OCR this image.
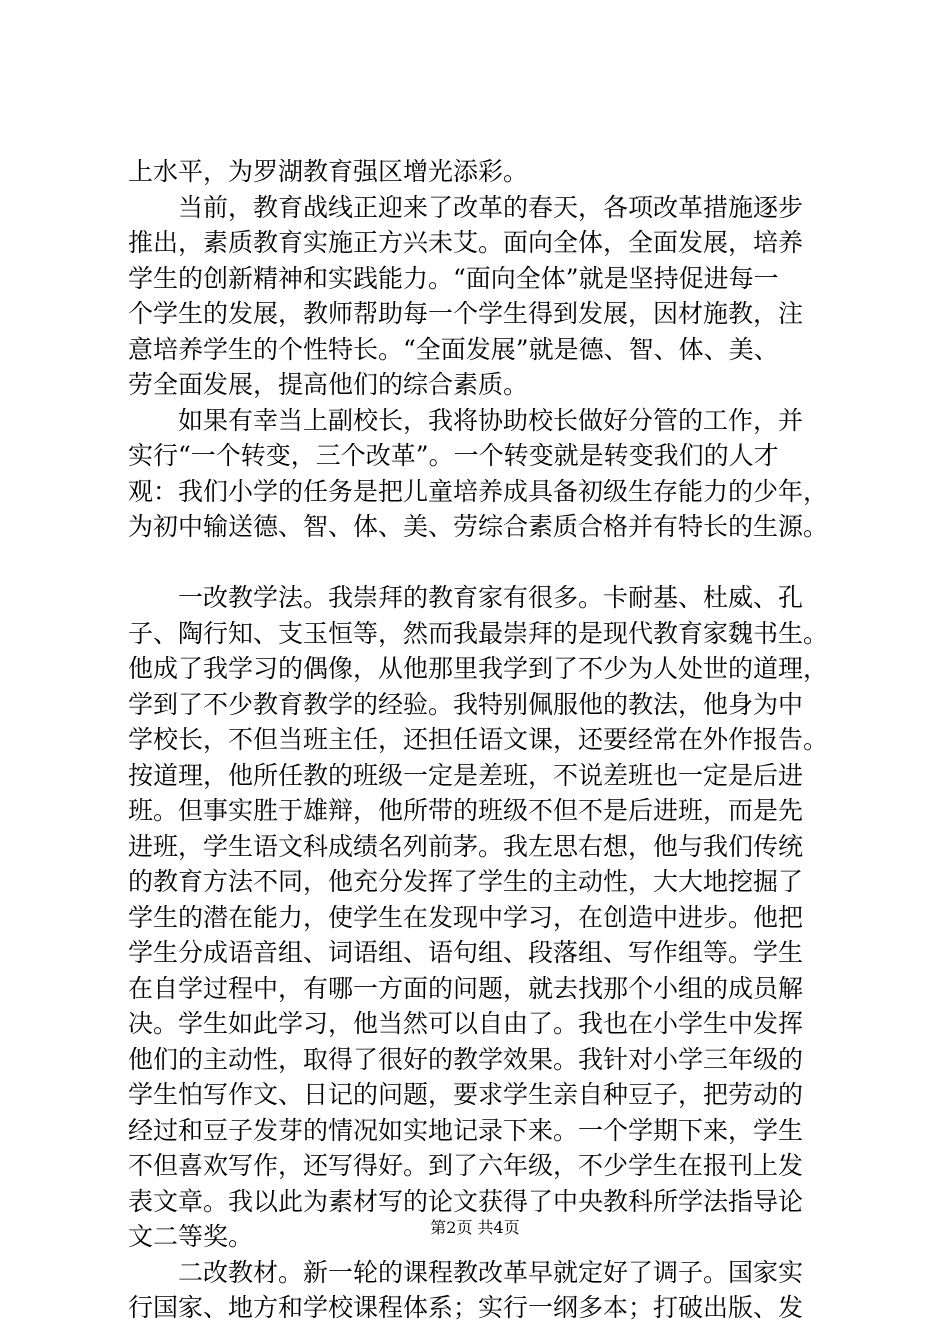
上水平，为罗湖教育强区增光添彩。
　　当前，教育战线正迎来了改革的春天，各项改革措施逐步
推出，素质教育实施正方兴未艾。面向全体，全面发展，培养
学生的创新精神和实践能力。“面向全体”就是坚持促进每一
个学生的发展，教师帮助每一个学生得到发展，因材施教，注
意培养学生的个性特长。“全面发展”就是德、智、体、美、
劳全面发展，提高他们的综合素质。
　　如果有幸当上副校长，我将协助校长做好分管的工作，并
实行“一个转变，三个改革”。一个转变就是转变我们的人才
观：我们小学的任务是把儿童培养成具备初级生存能力的少年，
为初中输送德、智、体、美、劳综合素质合格并有特长的生源。
　　一改教学法。我崇拜的教育家有很多。卡耐基、杜威、孔
子、陶行知、支玉恒等，然而我最崇拜的是现代教育家魏书生。
他成了我学习的偶像，从他那里我学到了不少为人处世的道理，
学到了不少教育教学的经验。我特别佩服他的教法，他身为中
学校长，不但当班主任，还担任语文课，还要经常在外作报告。
按道理，他所任教的班级一定是差班，不说差班也一定是后进
班。但事实胜于雄辩，他所带的班级不但不是后进班，而是先
进班，学生语文科成绩名列前茅。我左思右想，他与我们传统
的教育方法不同，他充分发挥了学生的主动性，大大地挖掘了
学生的潜在能力，使学生在发现中学习，在创造中进步。他把
学生分成语音组、词语组、语句组、段落组、写作组等。学生
在自学过程中，有哪一方面的问题，就去找那个小组的成员解
决。学生如此学习，他当然可以自由了。我也在小学生中发挥
他们的主动性，取得了很好的教学效果。我针对小学三年级的
学生怕写作文、日记的问题，要求学生亲自种豆子，把劳动的
经过和豆子发芽的情况如实地记录下来。一个学期下来，学生
不但喜欢写作，还写得好。到了六年级，不少学生在报刊上发
表文章。我以此为素材写的论文获得了中央教科所学法指导论
文二等奖。
　　二改教材。新一轮的课程教改革早就定好了调子。国家实
行国家、地方和学校课程体系；实行一纲多本；打破出版、发
第2页 共4页
